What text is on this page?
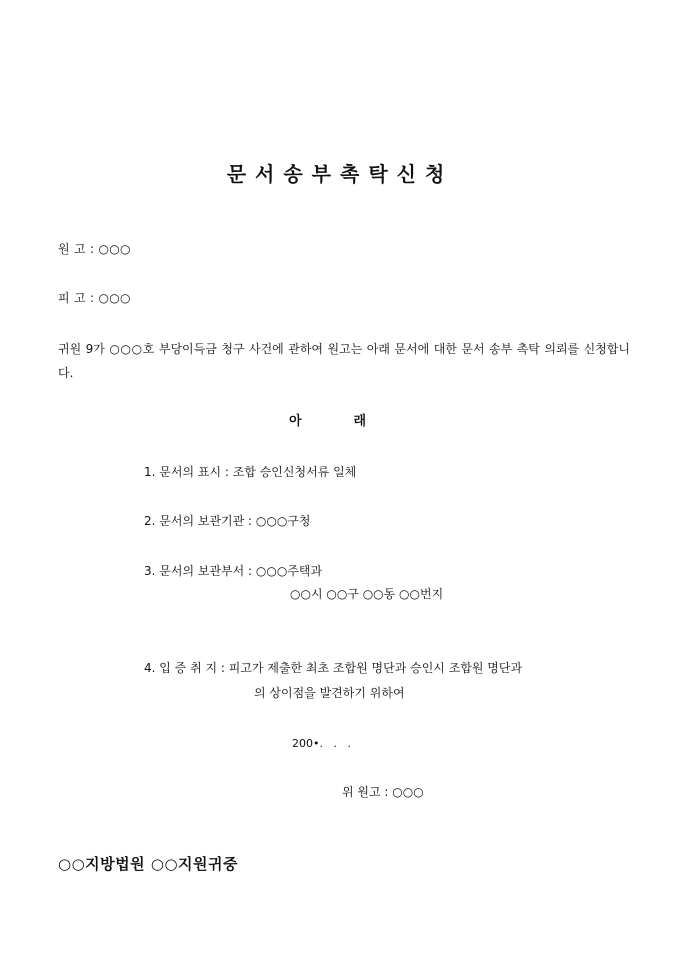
문서송부촉탁신청
원 고 : ○○○
피 고 : ○○○
귀원 9가 ○○○호 부당이득금 청구 사건에 관하여 원고는 아래 문서에 대한 문서 송부 촉탁 의뢰를 신청합니다.
아래
1. 문서의 표시 : 조합 승인신청서류 일체
2. 문서의 보관기관 : ○○○구청
3. 문서의 보관부서 : ○○○주택과
○○시 ○○구 ○○동 ○○번지
4. 입 증 취 지 : 피고가 제출한 최초 조합원 명단과 승인시 조합원 명단과
의 상이점을 발견하기 위하여
200•.   .   .
위 원고 : ○○○
○○지방법원 ○○지원귀중
